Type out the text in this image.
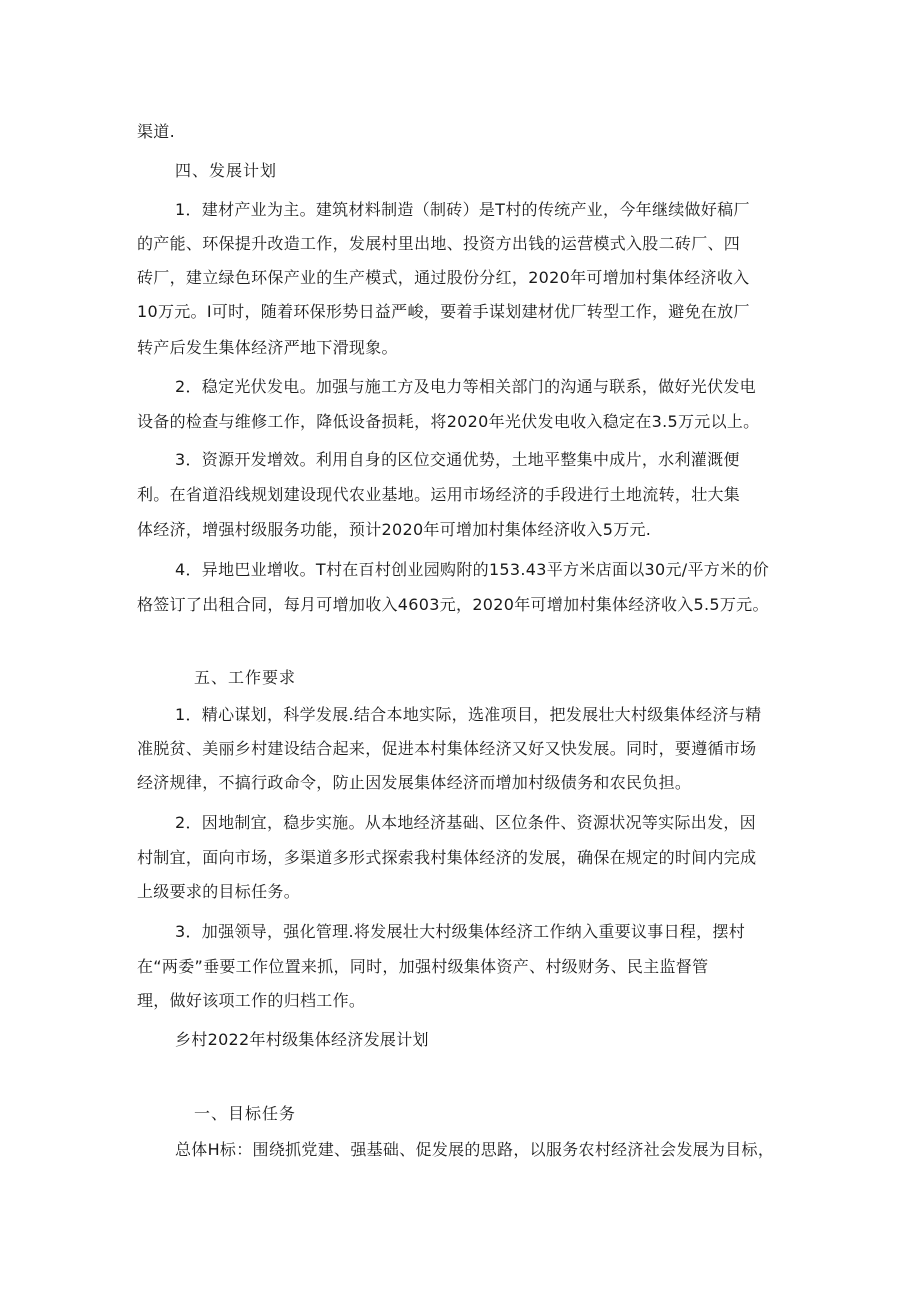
渠道.
四、发展计划
1．建材产业为主。建筑材料制造（制砖）是T村的传统产业，今年继续做好稿厂
的产能、环保提升改造工作，发展村里出地、投资方出钱的运营模式入股二砖厂、四
砖厂，建立绿色环保产业的生产模式，通过股份分红，2020年可增加村集体经济收入
10万元。I可时，随着环保形势日益严峻，要着手谋划建材优厂转型工作，避免在放厂
转产后发生集体经济严地下滑现象。
2．稳定光伏发电。加强与施工方及电力等相关部门的沟通与联系，做好光伏发电
设备的检查与维修工作，降低设备损耗，将2020年光伏发电收入稳定在3.5万元以上。
3．资源开发增效。利用自身的区位交通优势，土地平整集中成片，水利灌溉便
利。在省道沿线规划建设现代农业基地。运用市场经济的手段进行土地流转，壮大集
体经济，增强村级服务功能，预计2020年可增加村集体经济收入5万元.
4．异地巴业增收。T村在百村创业园购附的153.43平方米店面以30元/平方米的价
格签订了出租合同，每月可增加收入4603元，2020年可增加村集体经济收入5.5万元。
五、工作要求
1．精心谋划，科学发展.结合本地实际，选准项目，把发展壮大村级集体经济与精
准脱贫、美丽乡村建设结合起来，促进本村集体经济又好又快发展。同时，要遵循市场
经济规律，不搞行政命令，防止因发展集体经济而增加村级债务和农民负担。
2．因地制宜，稳步实施。从本地经济基础、区位条件、资源状况等实际出发，因
村制宜，面向市场，多渠道多形式探索我村集体经济的发展，确保在规定的时间内完成
上级要求的目标任务。
3．加强领导，强化管理.将发展壮大村级集体经济工作纳入重要议事日程，摆村
在“两委”垂要工作位置来抓，同时，加强村级集体资产、村级财务、民主监督管
理，做好该项工作的归档工作。
乡村2022年村级集体经济发展计划
一、目标任务
总体H标：围绕抓党建、强基础、促发展的思路，以服务农村经济社会发展为目标，
